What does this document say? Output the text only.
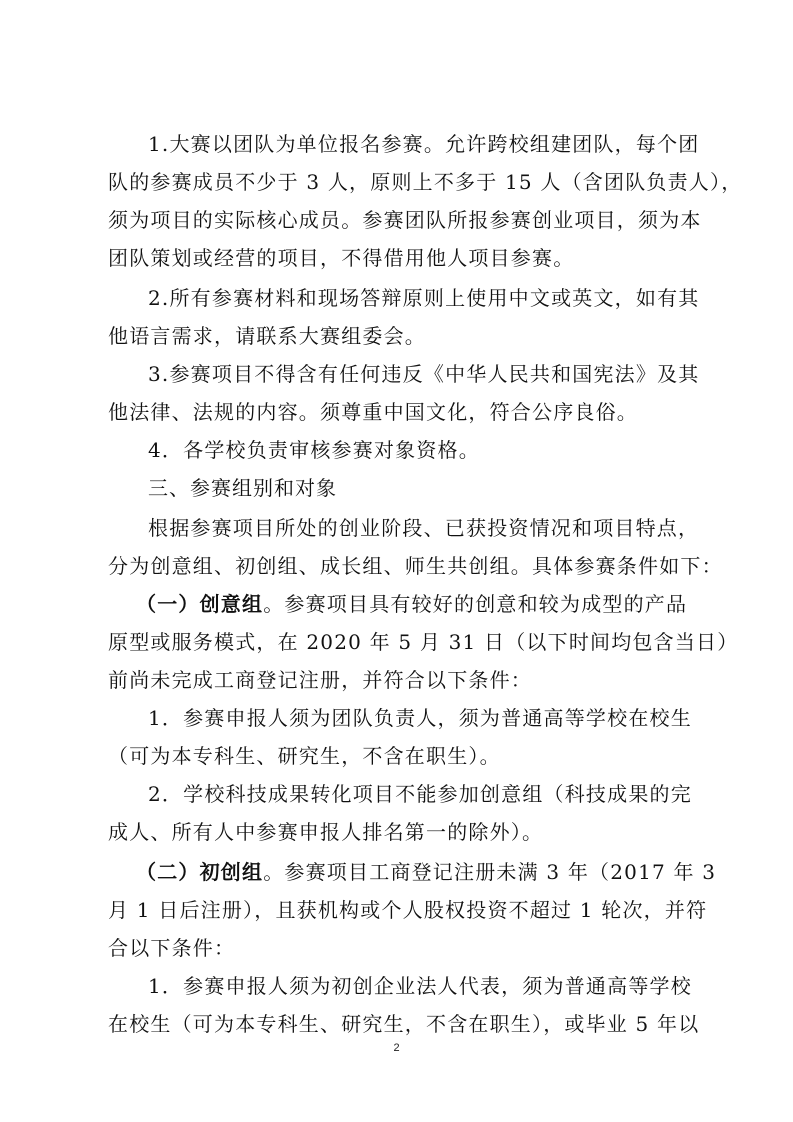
1.大赛以团队为单位报名参赛。允许跨校组建团队，每个团
队的参赛成员不少于 3 人，原则上不多于 15 人（含团队负责人），
须为项目的实际核心成员。参赛团队所报参赛创业项目，须为本
团队策划或经营的项目，不得借用他人项目参赛。
2.所有参赛材料和现场答辩原则上使用中文或英文，如有其
他语言需求，请联系大赛组委会。
3.参赛项目不得含有任何违反《中华人民共和国宪法》及其
他法律、法规的内容。须尊重中国文化，符合公序良俗。
4．各学校负责审核参赛对象资格。
三、参赛组别和对象
根据参赛项目所处的创业阶段、已获投资情况和项目特点，
分为创意组、初创组、成长组、师生共创组。具体参赛条件如下：
（一）创意组。参赛项目具有较好的创意和较为成型的产品
原型或服务模式，在 2020 年 5 月 31 日（以下时间均包含当日）
前尚未完成工商登记注册，并符合以下条件：
1．参赛申报人须为团队负责人，须为普通高等学校在校生
（可为本专科生、研究生，不含在职生）。
2．学校科技成果转化项目不能参加创意组（科技成果的完
成人、所有人中参赛申报人排名第一的除外）。
（二）初创组。参赛项目工商登记注册未满 3 年（2017 年 3
月 1 日后注册），且获机构或个人股权投资不超过 1 轮次，并符
合以下条件：
1．参赛申报人须为初创企业法人代表，须为普通高等学校
在校生（可为本专科生、研究生，不含在职生），或毕业 5 年以
2
